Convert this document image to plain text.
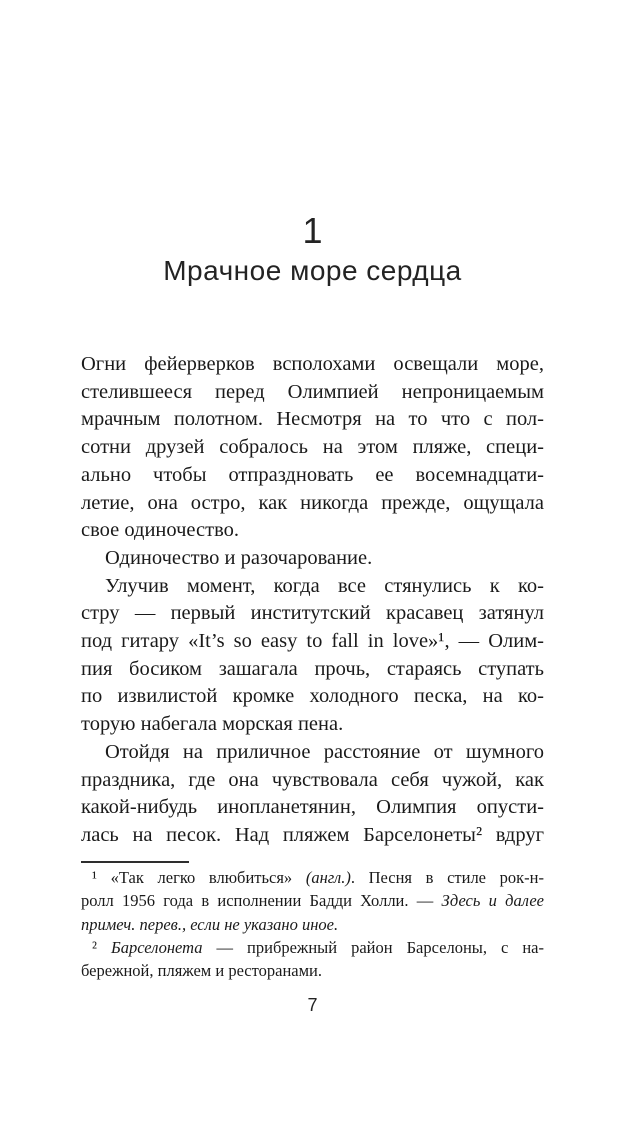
1
Мрачное море сердца
Огни фейерверков всполохами освещали море,
стелившееся перед Олимпией непроницаемым
мрачным полотном. Несмотря на то что с пол-
сотни друзей собралось на этом пляже, специ-
ально чтобы отпраздновать ее восемнадцати-
летие, она остро, как никогда прежде, ощущала
свое одиночество.
Одиночество и разочарование.
Улучив момент, когда все стянулись к ко-
стру — первый институтский красавец затянул
под гитару «It’s so easy to fall in love»¹, — Олим-
пия босиком зашагала прочь, стараясь ступать
по извилистой кромке холодного песка, на ко-
торую набегала морская пена.
Отойдя на приличное расстояние от шумного
праздника, где она чувствовала себя чужой, как
какой-нибудь инопланетянин, Олимпия опусти-
лась на песок. Над пляжем Барселонеты² вдруг
¹ «Так легко влюбиться» (англ.). Песня в стиле рок-н-
ролл 1956 года в исполнении Бадди Холли. — Здесь и далее
примеч. перев., если не указано иное.
² Барселонета — прибрежный район Барселоны, с на-
бережной, пляжем и ресторанами.
7
